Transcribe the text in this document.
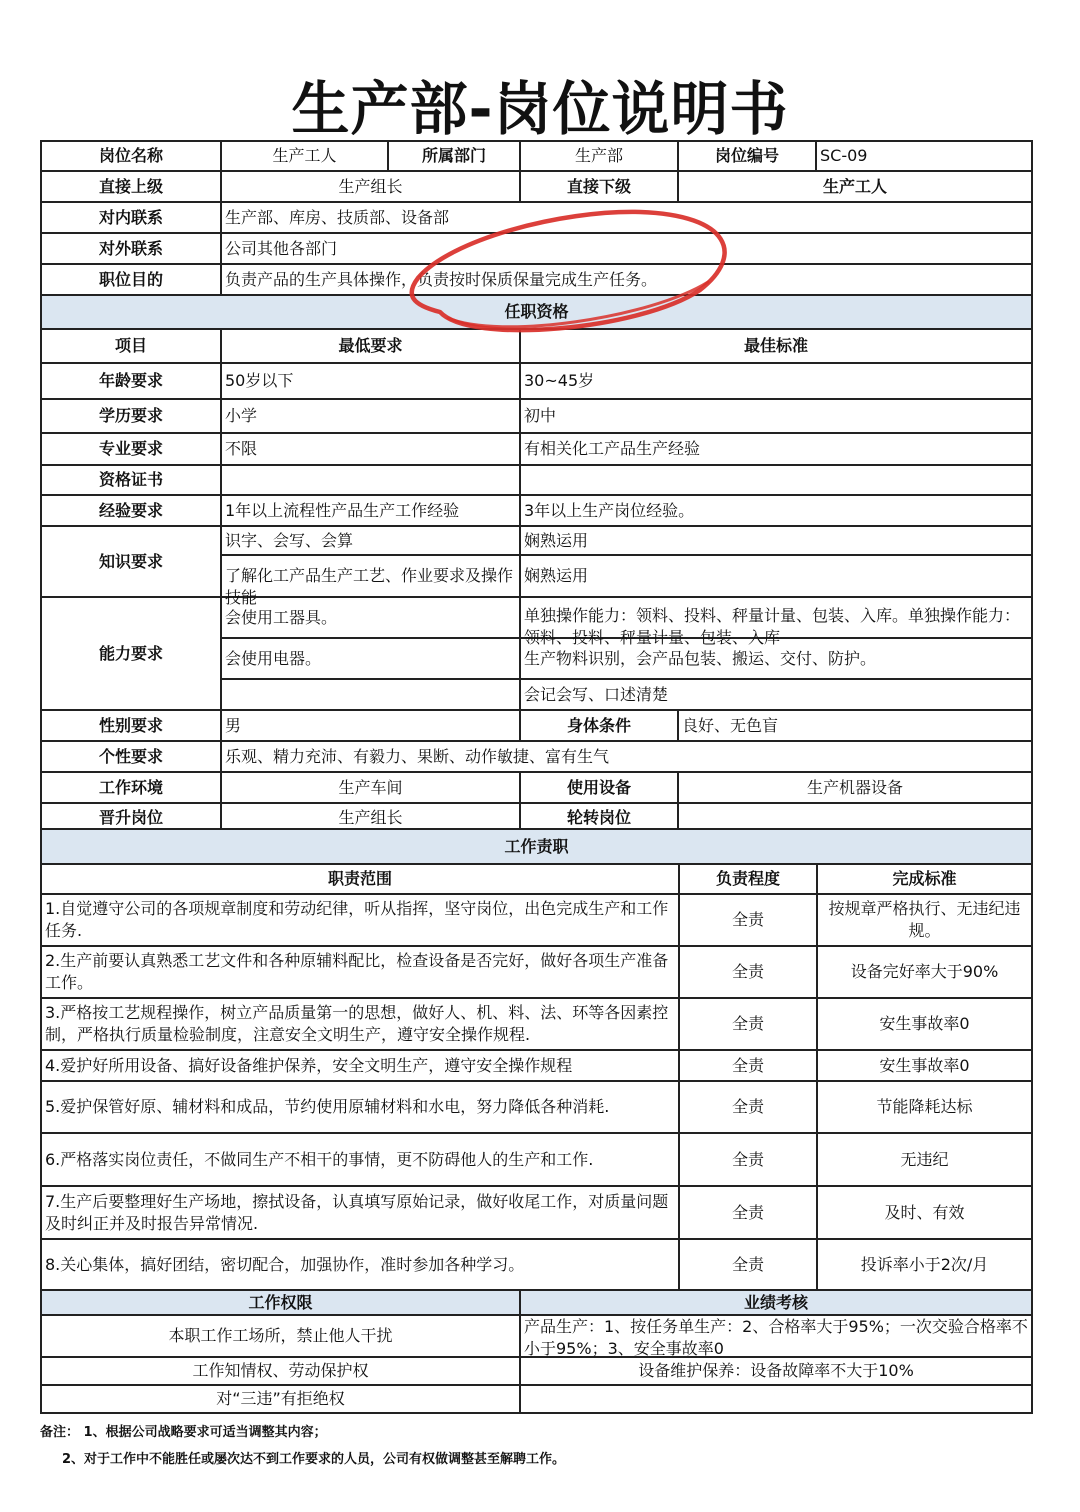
生产部-岗位说明书
岗位名称	生产工人	所属部门	生产部	岗位编号	SC-09
直接上级	生产组长		直接下级	生产工人	
对内联系	生产部、库房、技质部、设备部				
对外联系	公司其他各部门				
职位目的	负责产品的生产具体操作，负责按时保质保量完成生产任务。				
任职资格					
项目	最低要求		最佳标准		
年龄要求	50岁以下		30~45岁		
学历要求	小学		初中		
专业要求	不限		有相关化工产品生产经验		
资格证书					
经验要求	1年以上流程性产品生产工作经验		3年以上生产岗位经验。		
知识要求	识字、会写、会算		娴熟运用		

	了解化工产品生产工艺、作业要求及操作技能		娴熟运用		
能力要求	会使用工器具。		单独操作能力：领料、投料、秤量计量、包装、入库。单独操作能力：领料、投料、秤量计量、包装、入库		

	会使用电器。		生产物料识别，会产品包装、搬运、交付、防护。		
			会记会写、口述清楚		
性别要求	男		身体条件	良好、无色盲	
个性要求	乐观、精力充沛、有毅力、果断、动作敏捷、富有生气				
工作环境	生产车间		使用设备	生产机器设备	
晋升岗位	生产组长		轮转岗位		
工作责职		
职责范围	负责程度	完成标准
1.自觉遵守公司的各项规章制度和劳动纪律，听从指挥，坚守岗位，出色完成生产和工作任务.	全责	按规章严格执行、无违纪违规。
2.生产前要认真熟悉工艺文件和各种原辅料配比，检查设备是否完好，做好各项生产准备工作。	全责	设备完好率大于90%
3.严格按工艺规程操作，树立产品质量第一的思想，做好人、机、料、法、环等各因素控制，严格执行质量检验制度，注意安全文明生产，遵守安全操作规程.	全责	安生事故率0
4.爱护好所用设备、搞好设备维护保养，安全文明生产，遵守安全操作规程	全责	安生事故率0
5.爱护保管好原、辅材料和成品，节约使用原辅材料和水电，努力降低各种消耗.	全责	节能降耗达标
6.严格落实岗位责任，不做同生产不相干的事情，更不防碍他人的生产和工作.	全责	无违纪
7.生产后要整理好生产场地，擦拭设备，认真填写原始记录，做好收尾工作，对质量问题及时纠正并及时报告异常情况.	全责	及时、有效
8.关心集体，搞好团结，密切配合，加强协作，准时参加各种学习。	全责	投诉率小于2次/月
工作权限	业绩考核
本职工作工场所，禁止他人干扰	产品生产：1、按任务单生产：2、合格率大于95%；一次交验合格率不小于95%；3、安全事故率0

工作知情权、劳动保护权	设备维护保养：设备故障率不大于10%
对“三违”有拒绝权	
备注： 1、根据公司战略要求可适当调整其内容；
2、对于工作中不能胜任或屡次达不到工作要求的人员，公司有权做调整甚至解聘工作。
